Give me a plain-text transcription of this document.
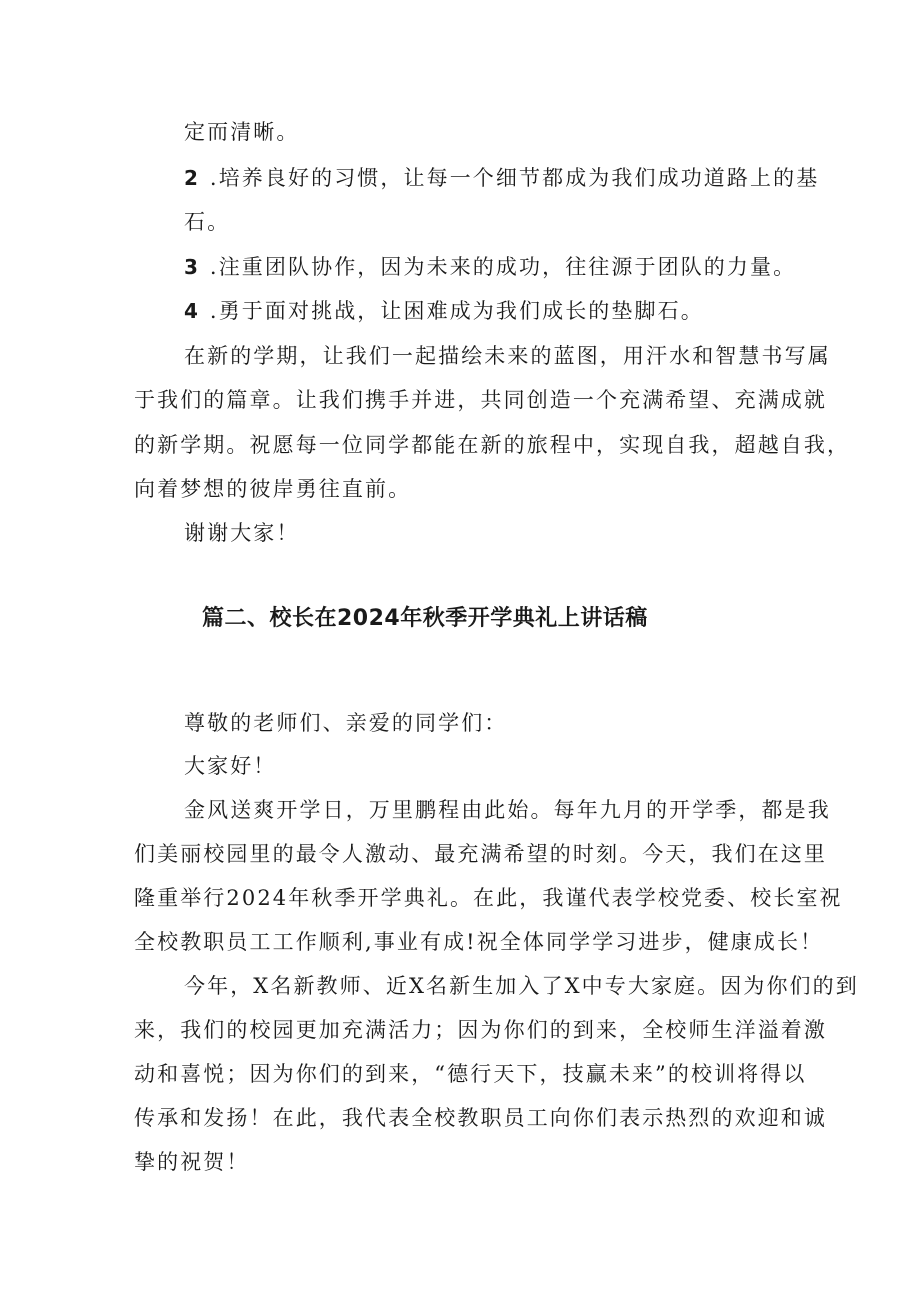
定而清晰。
2 .培养良好的习惯，让每一个细节都成为我们成功道路上的基
石。
3 .注重团队协作，因为未来的成功，往往源于团队的力量。
4 .勇于面对挑战，让困难成为我们成长的垫脚石。
在新的学期，让我们一起描绘未来的蓝图，用汗水和智慧书写属
于我们的篇章。让我们携手并进，共同创造一个充满希望、充满成就
的新学期。祝愿每一位同学都能在新的旅程中，实现自我，超越自我，
向着梦想的彼岸勇往直前。
谢谢大家！
篇二、校长在2024年秋季开学典礼上讲话稿
尊敬的老师们、亲爱的同学们：
大家好！
金风送爽开学日，万里鹏程由此始。每年九月的开学季，都是我
们美丽校园里的最令人激动、最充满希望的时刻。今天，我们在这里
隆重举行2024年秋季开学典礼。在此，我谨代表学校党委、校长室祝
全校教职员工工作顺利,事业有成!祝全体同学学习进步，健康成长！
今年，X名新教师、近X名新生加入了X中专大家庭。因为你们的到
来，我们的校园更加充满活力；因为你们的到来，全校师生洋溢着激
动和喜悦；因为你们的到来，“德行天下，技赢未来”的校训将得以
传承和发扬！在此，我代表全校教职员工向你们表示热烈的欢迎和诚
挚的祝贺！
